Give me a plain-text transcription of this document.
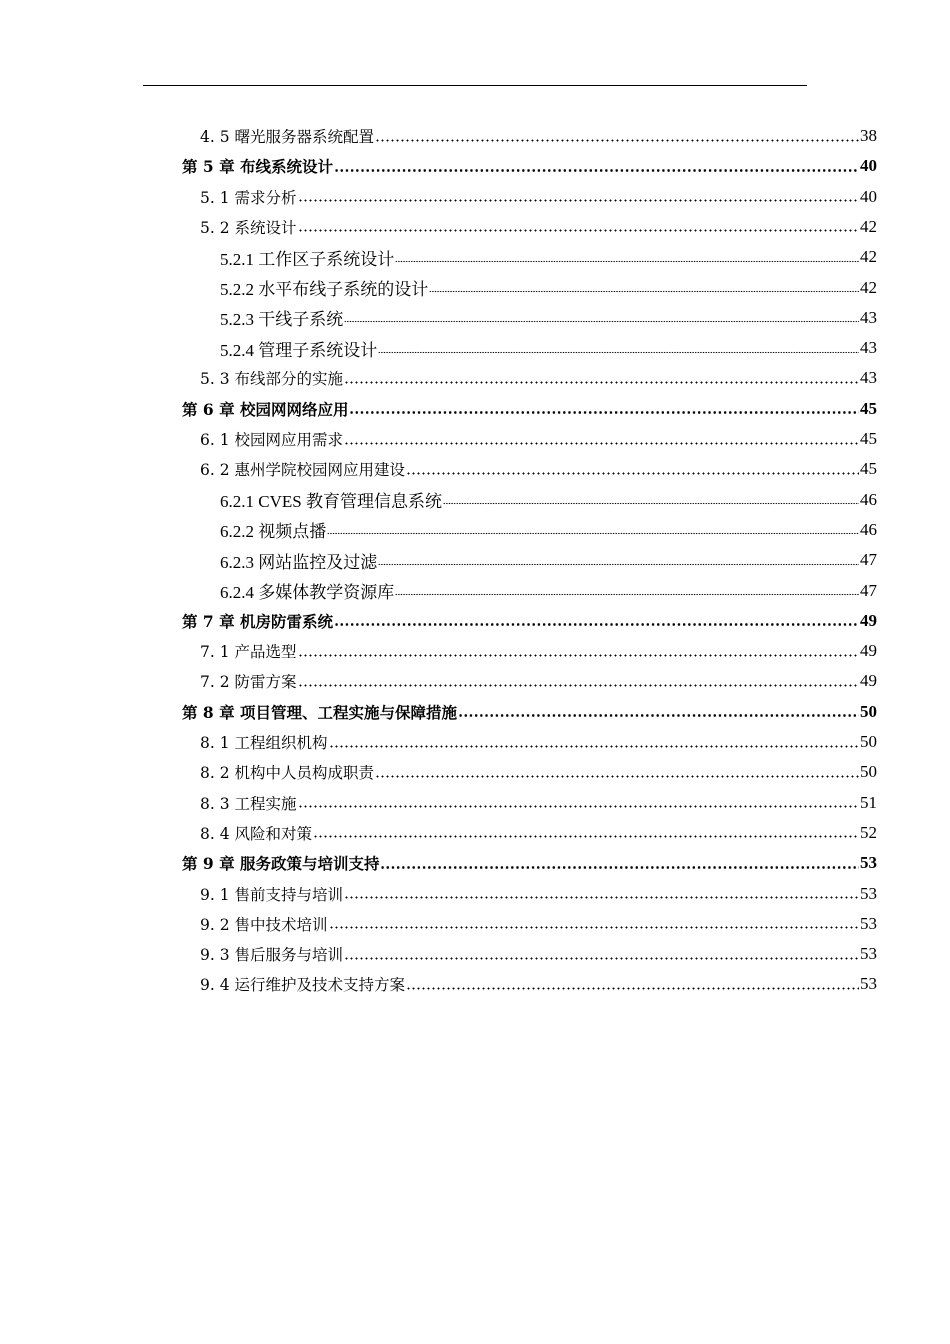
4. 5 曙光服务器系统配置	38
第 5 章 布线系统设计	40
5. 1 需求分析	40
5. 2 系统设计	42
5.2.1 工作区子系统设计	42
5.2.2 水平布线子系统的设计	42
5.2.3 干线子系统	43
5.2.4 管理子系统设计	43
5. 3 布线部分的实施	43
第 6 章 校园网网络应用	45
6. 1 校园网应用需求	45
6. 2 惠州学院校园网应用建设	45
6.2.1 CVES 教育管理信息系统	46
6.2.2 视频点播	46
6.2.3 网站监控及过滤	47
6.2.4 多媒体教学资源库	47
第 7 章 机房防雷系统	49
7. 1 产品选型	49
7. 2 防雷方案	49
第 8 章 项目管理、工程实施与保障措施	50
8. 1 工程组织机构	50
8. 2 机构中人员构成职责	50
8. 3 工程实施	51
8. 4 风险和对策	52
第 9 章 服务政策与培训支持	53
9. 1 售前支持与培训	53
9. 2 售中技术培训	53
9. 3 售后服务与培训	53
9. 4 运行维护及技术支持方案	53
